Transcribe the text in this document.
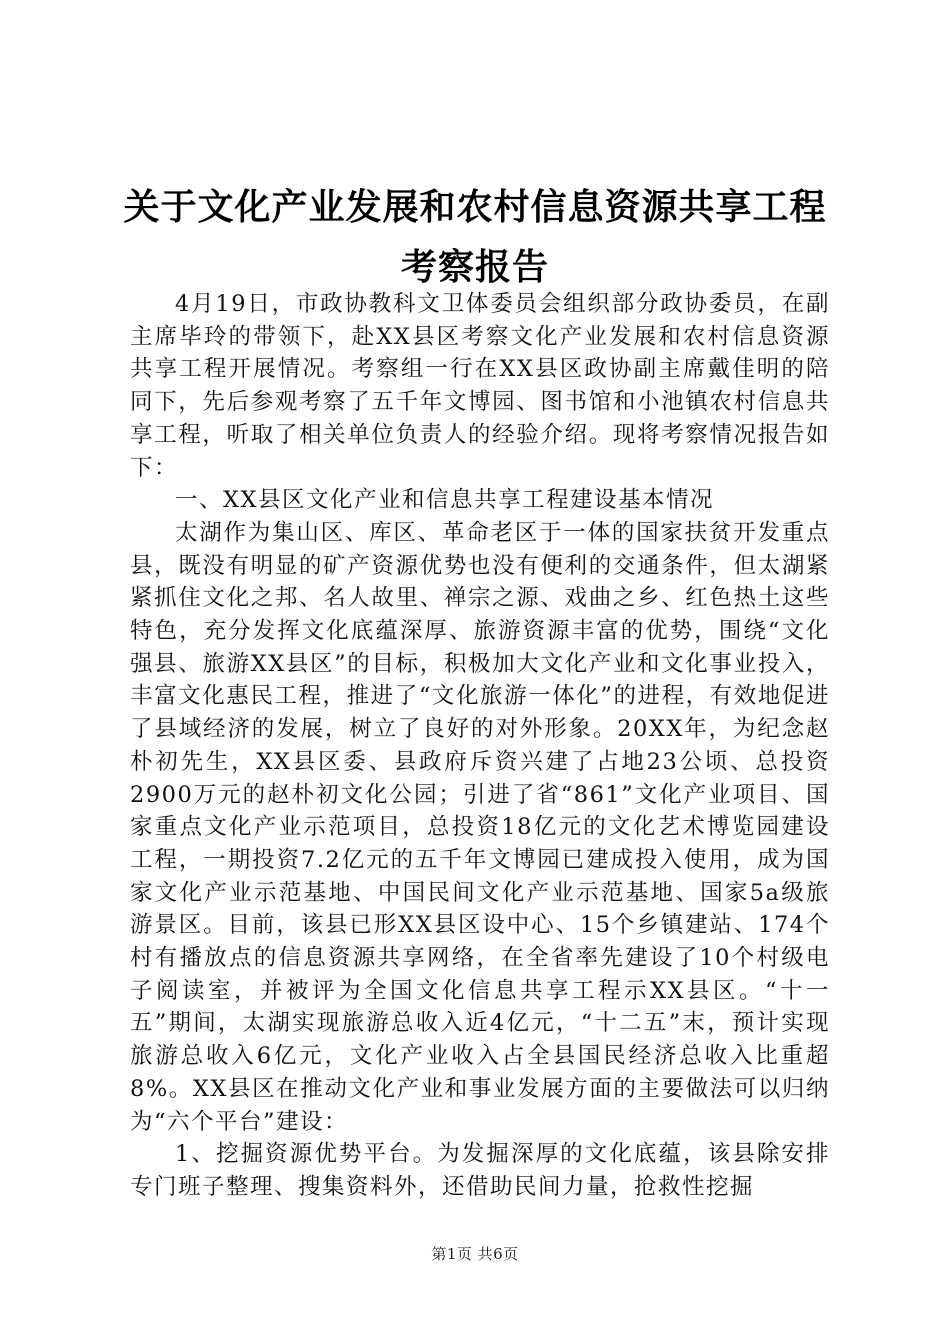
关于文化产业发展和农村信息资源共享工程考察报告

4月19日，市政协教科文卫体委员会组织部分政协委员，在副主席毕玲的带领下，赴XX县区考察文化产业发展和农村信息资源共享工程开展情况。考察组一行在XX县区政协副主席戴佳明的陪同下，先后参观考察了五千年文博园、图书馆和小池镇农村信息共享工程，听取了相关单位负责人的经验介绍。现将考察情况报告如下：

一、XX县区文化产业和信息共享工程建设基本情况

太湖作为集山区、库区、革命老区于一体的国家扶贫开发重点县，既没有明显的矿产资源优势也没有便利的交通条件，但太湖紧紧抓住文化之邦、名人故里、禅宗之源、戏曲之乡、红色热土这些特色，充分发挥文化底蕴深厚、旅游资源丰富的优势，围绕“文化强县、旅游XX县区”的目标，积极加大文化产业和文化事业投入，丰富文化惠民工程，推进了“文化旅游一体化”的进程，有效地促进了县域经济的发展，树立了良好的对外形象。20XX年，为纪念赵朴初先生，XX县区委、县政府斥资兴建了占地23公顷、总投资2900万元的赵朴初文化公园；引进了省“861”文化产业项目、国家重点文化产业示范项目，总投资18亿元的文化艺术博览园建设工程，一期投资7.2亿元的五千年文博园已建成投入使用，成为国家文化产业示范基地、中国民间文化产业示范基地、国家5a级旅游景区。目前，该县已形XX县区设中心、15个乡镇建站、174个村有播放点的信息资源共享网络，在全省率先建设了10个村级电子阅读室，并被评为全国文化信息共享工程示XX县区。“十一五”期间，太湖实现旅游总收入近4亿元，“十二五”末，预计实现旅游总收入6亿元，文化产业收入占全县国民经济总收入比重超8%。XX县区在推动文化产业和事业发展方面的主要做法可以归纳为“六个平台”建设：

1、挖掘资源优势平台。为发掘深厚的文化底蕴，该县除安排专门班子整理、搜集资料外，还借助民间力量，抢救性挖掘

第1页 共6页
